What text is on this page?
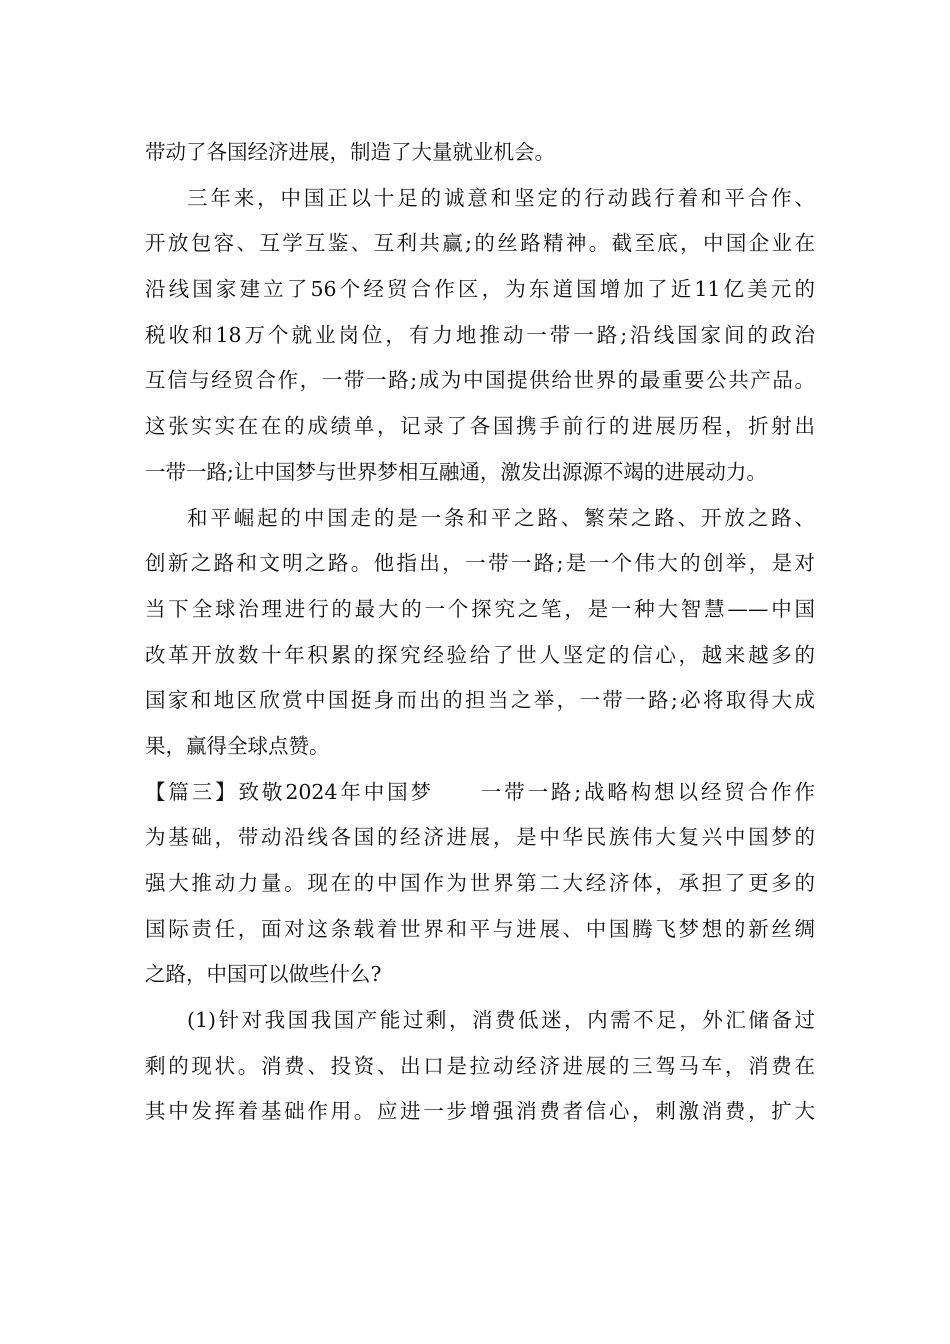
带动了各国经济进展，制造了大量就业机会。
三年来，中国正以十足的诚意和坚定的行动践行着和平合作、
开放包容、互学互鉴、互利共赢;的丝路精神。截至底，中国企业在
沿线国家建立了56个经贸合作区，为东道国增加了近11亿美元的
税收和18万个就业岗位，有力地推动一带一路;沿线国家间的政治
互信与经贸合作，一带一路;成为中国提供给世界的最重要公共产品。
这张实实在在的成绩单，记录了各国携手前行的进展历程，折射出
一带一路;让中国梦与世界梦相互融通，激发出源源不竭的进展动力。
和平崛起的中国走的是一条和平之路、繁荣之路、开放之路、
创新之路和文明之路。他指出，一带一路;是一个伟大的创举，是对
当下全球治理进行的最大的一个探究之笔，是一种大智慧——中国
改革开放数十年积累的探究经验给了世人坚定的信心，越来越多的
国家和地区欣赏中国挺身而出的担当之举，一带一路;必将取得大成
果，赢得全球点赞。
【篇三】致敬2024年中国梦　　一带一路;战略构想以经贸合作作
为基础，带动沿线各国的经济进展，是中华民族伟大复兴中国梦的
强大推动力量。现在的中国作为世界第二大经济体，承担了更多的
国际责任，面对这条载着世界和平与进展、中国腾飞梦想的新丝绸
之路，中国可以做些什么?
(1)针对我国我国产能过剩，消费低迷，内需不足，外汇储备过
剩的现状。消费、投资、出口是拉动经济进展的三驾马车，消费在
其中发挥着基础作用。应进一步增强消费者信心，刺激消费，扩大
